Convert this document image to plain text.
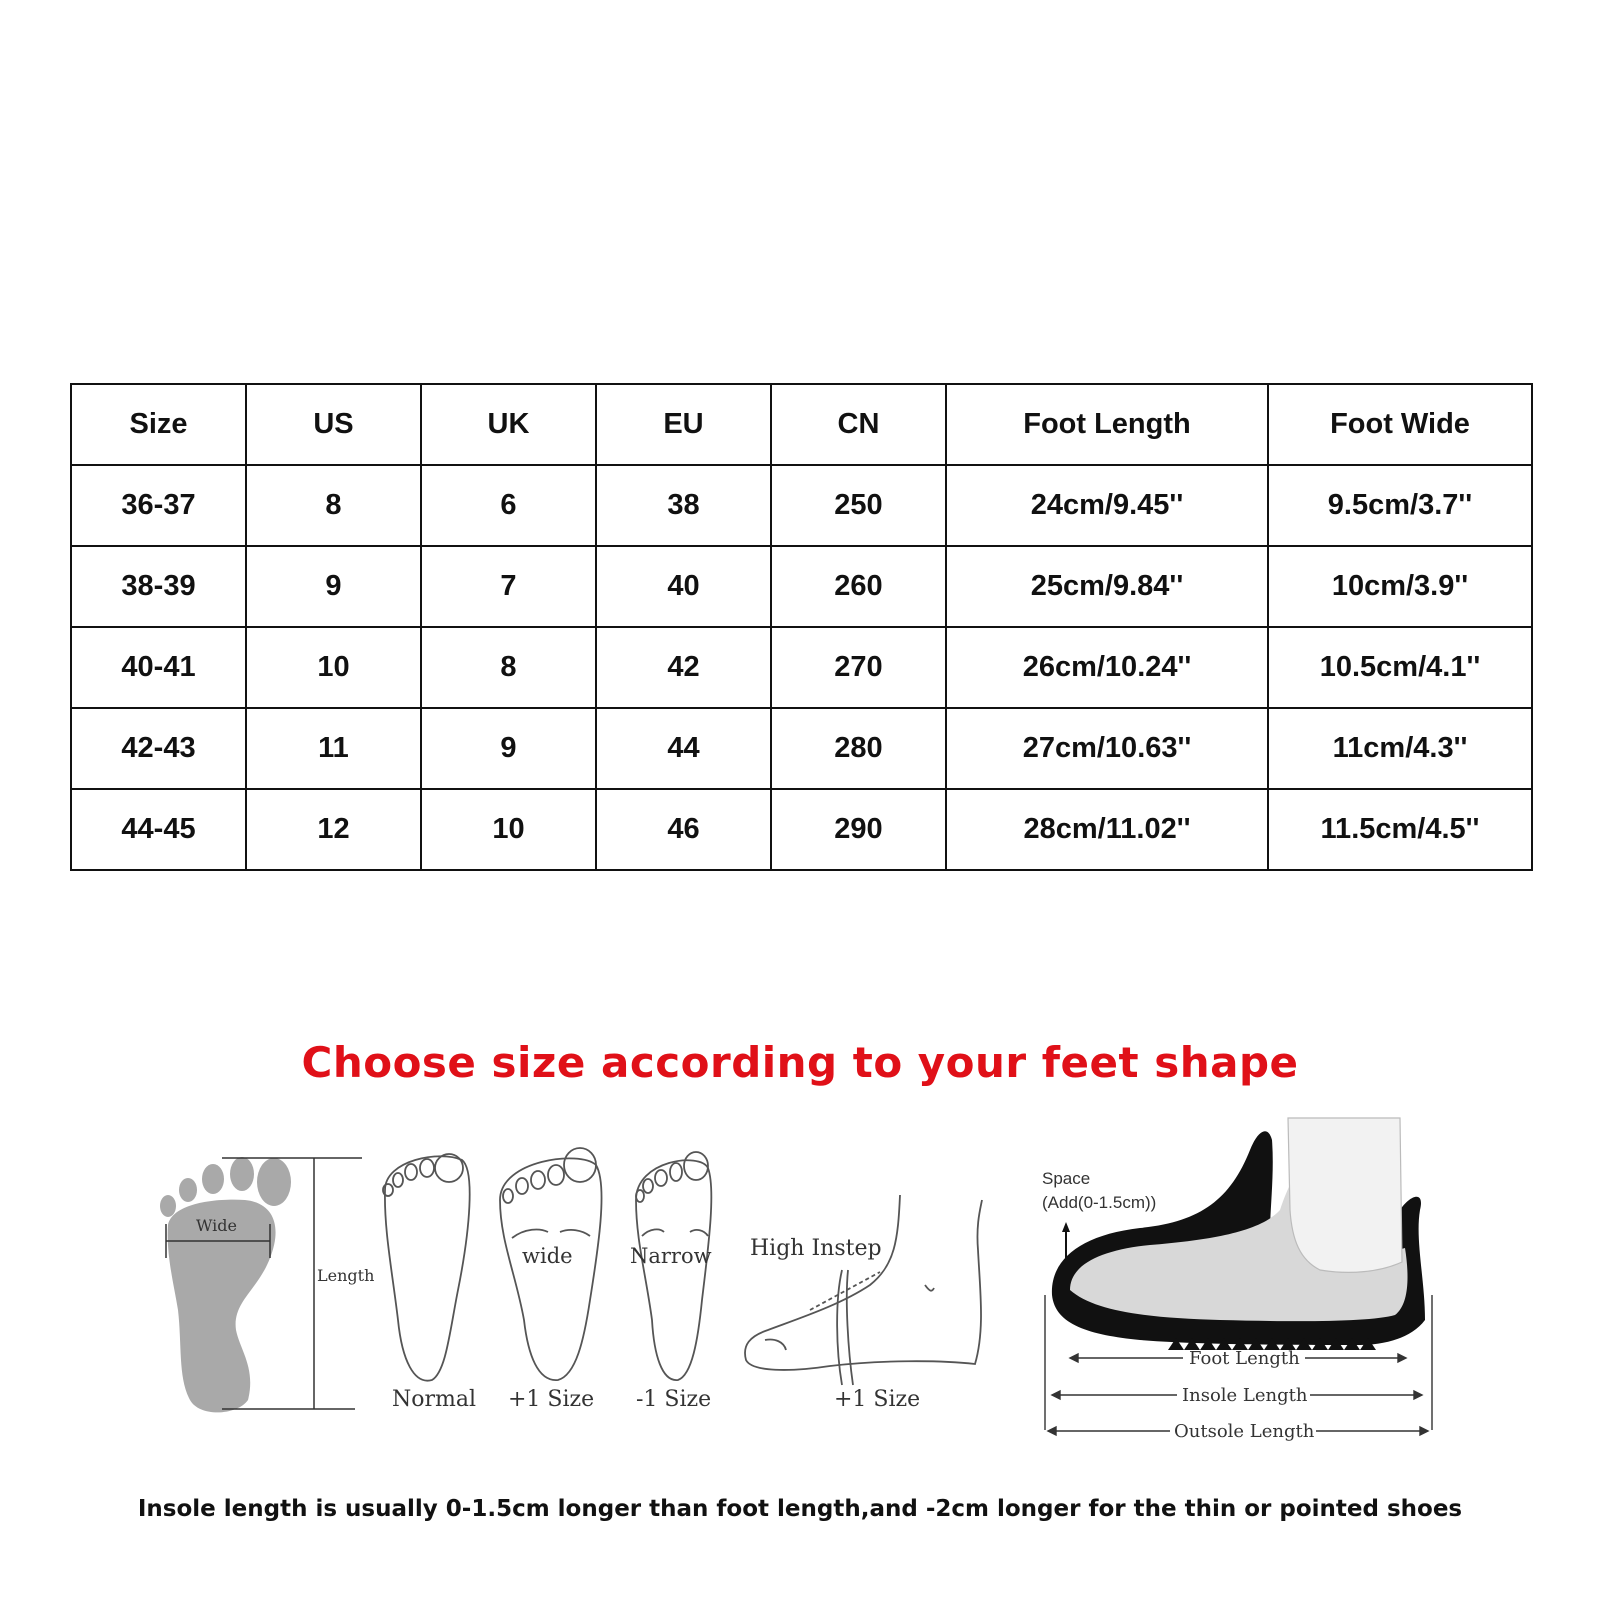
Size	US	UK	EU	CN	Foot Length	Foot Wide
36-37	8	6	38	250	24cm/9.45''	9.5cm/3.7''
38-39	9	7	40	260	25cm/9.84''	10cm/3.9''
40-41	10	8	42	270	26cm/10.24''	10.5cm/4.1''
42-43	11	9	44	280	27cm/10.63''	11cm/4.3''
44-45	12	10	46	290	28cm/11.02''	11.5cm/4.5''
Choose size according to your feet shape
Wide
Length
Normal
wide
+1 Size
Narrow
-1 Size
High Instep
+1 Size
Space
(Add(0-1.5cm))
Foot Length
Insole Length
Outsole Length
Insole length is usually 0-1.5cm longer than foot length,and -2cm longer for the thin or pointed shoes
